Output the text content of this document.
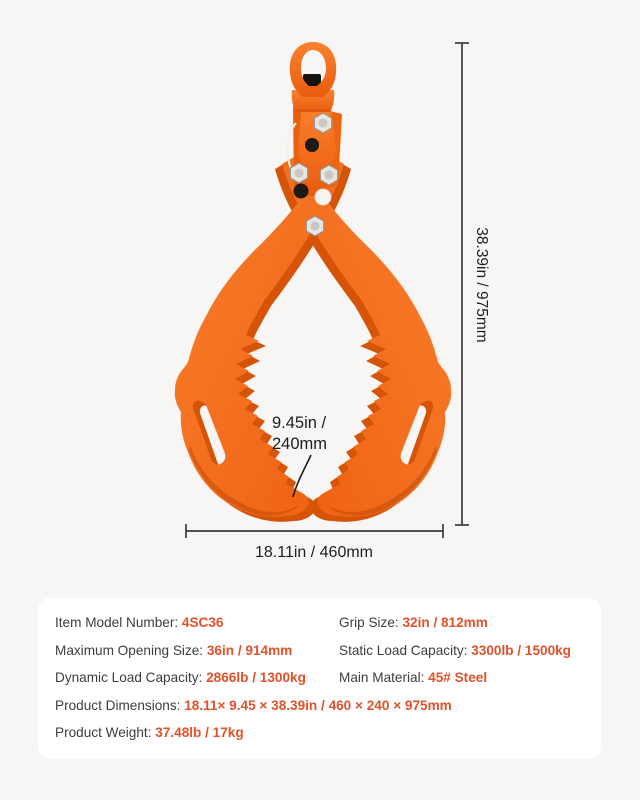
38.39in / 975mm
18.11in / 460mm
9.45in /
240mm
Item Model Number: 4SC36	Grip Size: 32in / 812mm
Maximum Opening Size: 36in / 914mm	Static Load Capacity: 3300lb / 1500kg
Dynamic Load Capacity: 2866lb / 1300kg	Main Material: 45# Steel
Product Dimensions: 18.11× 9.45 × 38.39in / 460 × 240 × 975mm
Product Weight: 37.48lb / 17kg
